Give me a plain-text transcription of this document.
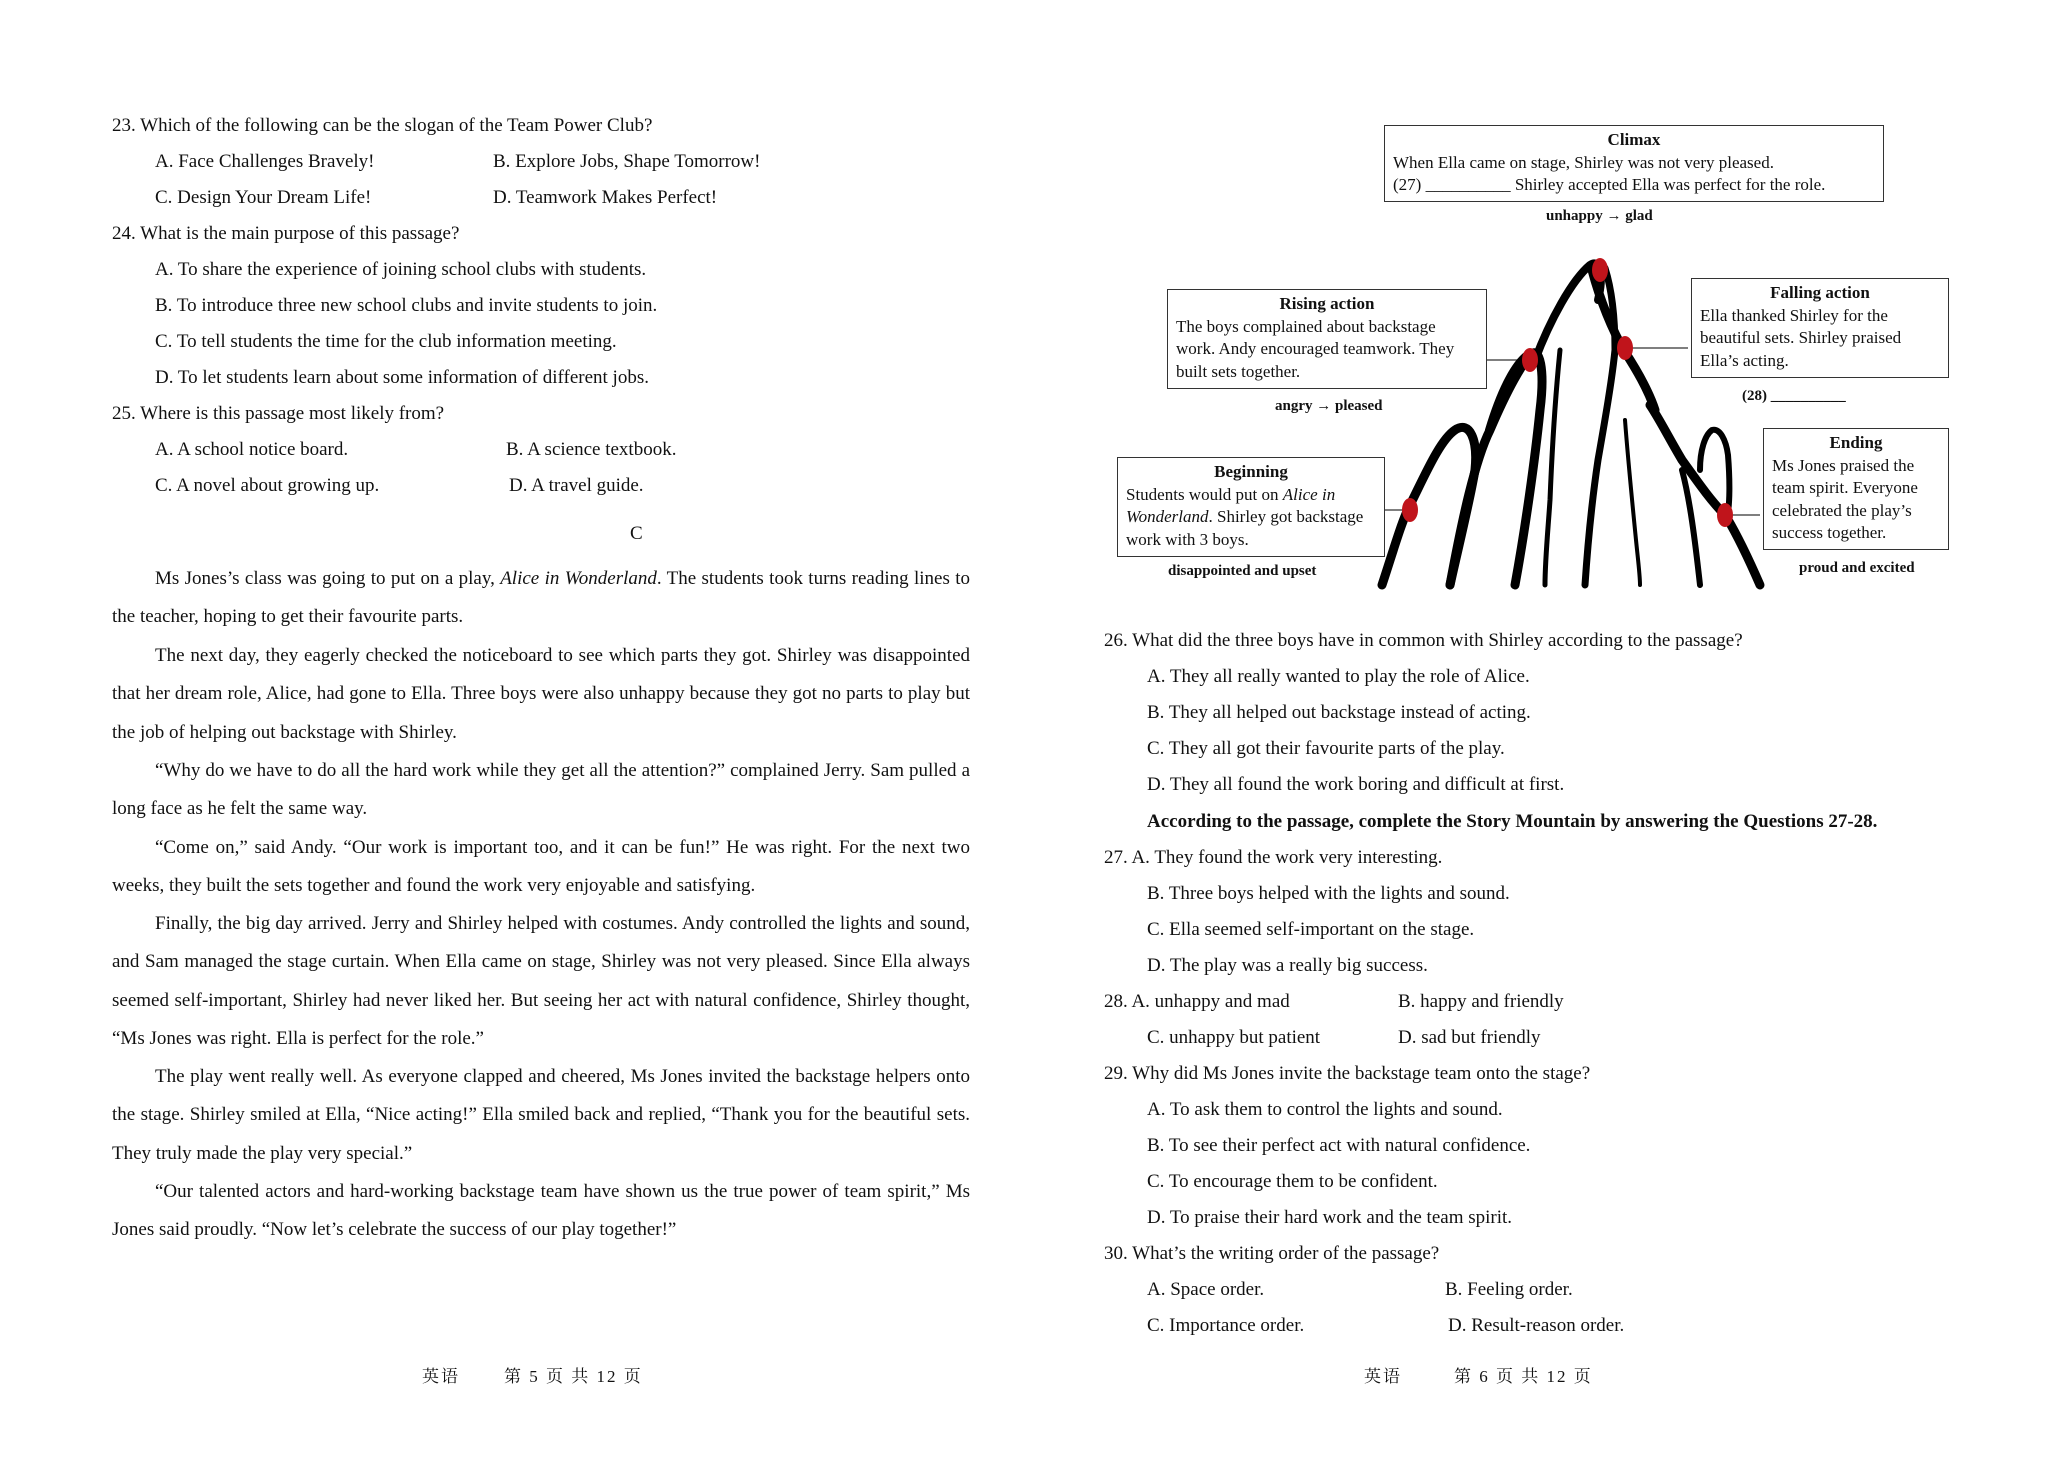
23. Which of the following can be the slogan of the Team Power Club?
A. Face Challenges Bravely!	B. Explore Jobs, Shape Tomorrow!
C. Design Your Dream Life!	D. Teamwork Makes Perfect!
24. What is the main purpose of this passage?
A. To share the experience of joining school clubs with students.
B. To introduce three new school clubs and invite students to join.
C. To tell students the time for the club information meeting.
D. To let students learn about some information of different jobs.
25. Where is this passage most likely from?
A. A school notice board.	B. A science textbook.
C. A novel about growing up.	D. A travel guide.
C

Ms Jones’s class was going to put on a play, Alice in Wonderland. The students took turns reading lines to the teacher, hoping to get their favourite parts.

The next day, they eagerly checked the noticeboard to see which parts they got. Shirley was disappointed that her dream role, Alice, had gone to Ella. Three boys were also unhappy because they got no parts to play but the job of helping out backstage with Shirley.

“Why do we have to do all the hard work while they get all the attention?” complained Jerry. Sam pulled a long face as he felt the same way.

“Come on,” said Andy. “Our work is important too, and it can be fun!” He was right. For the next two weeks, they built the sets together and found the work very enjoyable and satisfying.

Finally, the big day arrived. Jerry and Shirley helped with costumes. Andy controlled the lights and sound, and Sam managed the stage curtain. When Ella came on stage, Shirley was not very pleased. Since Ella always seemed self-important, Shirley had never liked her. But seeing her act with natural confidence, Shirley thought, “Ms Jones was right. Ella is perfect for the role.”

The play went really well. As everyone clapped and cheered, Ms Jones invited the backstage helpers onto the stage. Shirley smiled at Ella, “Nice acting!” Ella smiled back and replied, “Thank you for the beautiful sets. They truly made the play very special.”

“Our talented actors and hard-working backstage team have shown us the true power of team spirit,” Ms Jones said proudly. “Now let’s celebrate the success of our play together!”

英语	第 5 页 共 12 页
Climax
When Ella came on stage, Shirley was not very pleased.
(27) __________ Shirley accepted Ella was perfect for the role.
unhappy → glad
Rising action
The boys complained about backstage work. Andy encouraged teamwork. They built sets together.
angry → pleased
Falling action
Ella thanked Shirley for the beautiful sets. Shirley praised Ella’s acting.
(28) __________
Beginning
Students would put on Alice in Wonderland. Shirley got backstage work with 3 boys.
disappointed and upset
Ending
Ms Jones praised the team spirit. Everyone celebrated the play’s success together.
proud and excited
26. What did the three boys have in common with Shirley according to the passage?
A. They all really wanted to play the role of Alice.
B. They all helped out backstage instead of acting.
C. They all got their favourite parts of the play.
D. They all found the work boring and difficult at first.
According to the passage, complete the Story Mountain by answering the Questions 27-28.
27. A. They found the work very interesting.
B. Three boys helped with the lights and sound.
C. Ella seemed self-important on the stage.
D. The play was a really big success.
28. A. unhappy and mad	B. happy and friendly
C. unhappy but patient	D. sad but friendly
29. Why did Ms Jones invite the backstage team onto the stage?
A. To ask them to control the lights and sound.
B. To see their perfect act with natural confidence.
C. To encourage them to be confident.
D. To praise their hard work and the team spirit.
30. What’s the writing order of the passage?
A. Space order.	B. Feeling order.
C. Importance order.	D. Result-reason order.
英语	第 6 页 共 12 页
